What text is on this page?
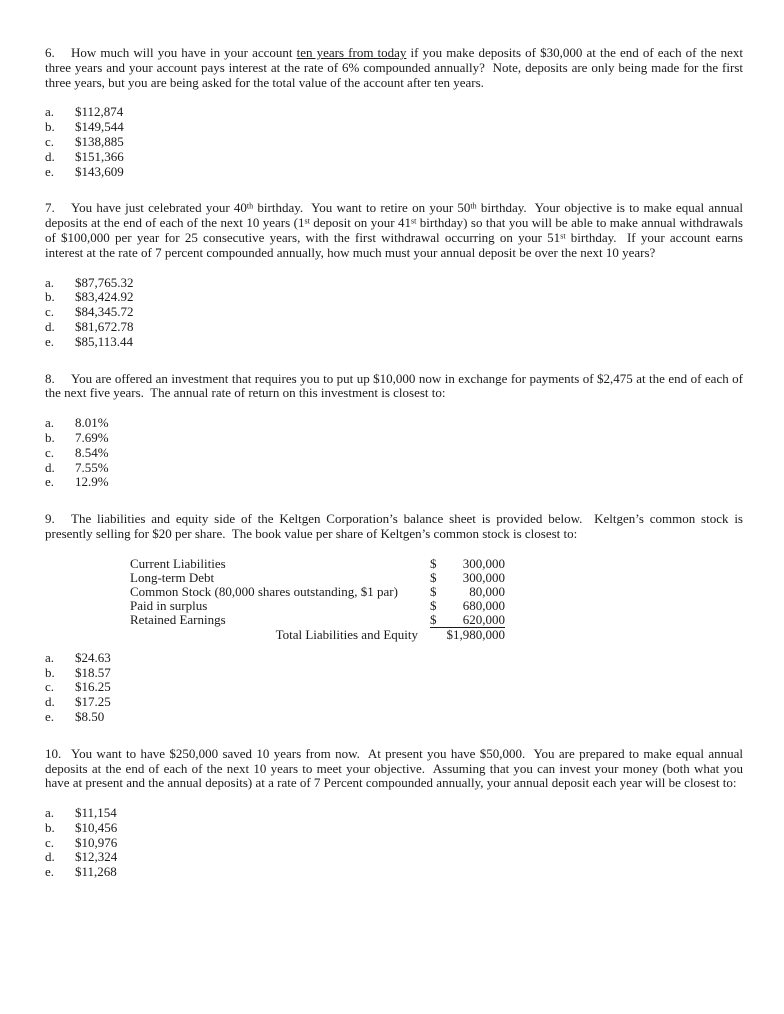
6. How much will you have in your account ten years from today if you make deposits of $30,000 at the end of each of the next three years and your account pays interest at the rate of 6% compounded annually?  Note, deposits are only being made for the first three years, but you are being asked for the total value of the account after ten years.

a.	$112,874
b.	$149,544
c.	$138,885
d.	$151,366
e.	$143,609

7. You have just celebrated your 40th birthday.  You want to retire on your 50th birthday.  Your objective is to make equal annual deposits at the end of each of the next 10 years (1st deposit on your 41st birthday) so that you will be able to make annual withdrawals of $100,000 per year for 25 consecutive years, with the first withdrawal occurring on your 51st birthday.  If your account earns interest at the rate of 7 percent compounded annually, how much must your annual deposit be over the next 10 years?

a.	$87,765.32
b.	$83,424.92
c.	$84,345.72
d.	$81,672.78
e.	$85,113.44

8. You are offered an investment that requires you to put up $10,000 now in exchange for payments of $2,475 at the end of each of the next five years.  The annual rate of return on this investment is closest to:

a.	8.01%
b.	7.69%
c.	8.54%
d.	7.55%
e.	12.9%

9. The liabilities and equity side of the Keltgen Corporation’s balance sheet is provided below.  Keltgen’s common stock is presently selling for $20 per share.  The book value per share of Keltgen’s common stock is closest to:

Current Liabilities	$ 300,000
Long-term Debt	$ 300,000
Common Stock (80,000 shares outstanding, $1 par)	$	80,000
Paid in surplus	$ 680,000
Retained Earnings	$ 620,000
Total Liabilities and Equity	$ 1,980,000
a.	$24.63
b.	$18.57
c.	$16.25
d.	$17.25
e.	$8.50

10. You want to have $250,000 saved 10 years from now.  At present you have $50,000.  You are prepared to make equal annual deposits at the end of each of the next 10 years to meet your objective.  Assuming that you can invest your money (both what you have at present and the annual deposits) at a rate of 7 Percent compounded annually, your annual deposit each year will be closest to:

a.	$11,154
b.	$10,456
c.	$10,976
d.	$12,324
e.	$11,268
